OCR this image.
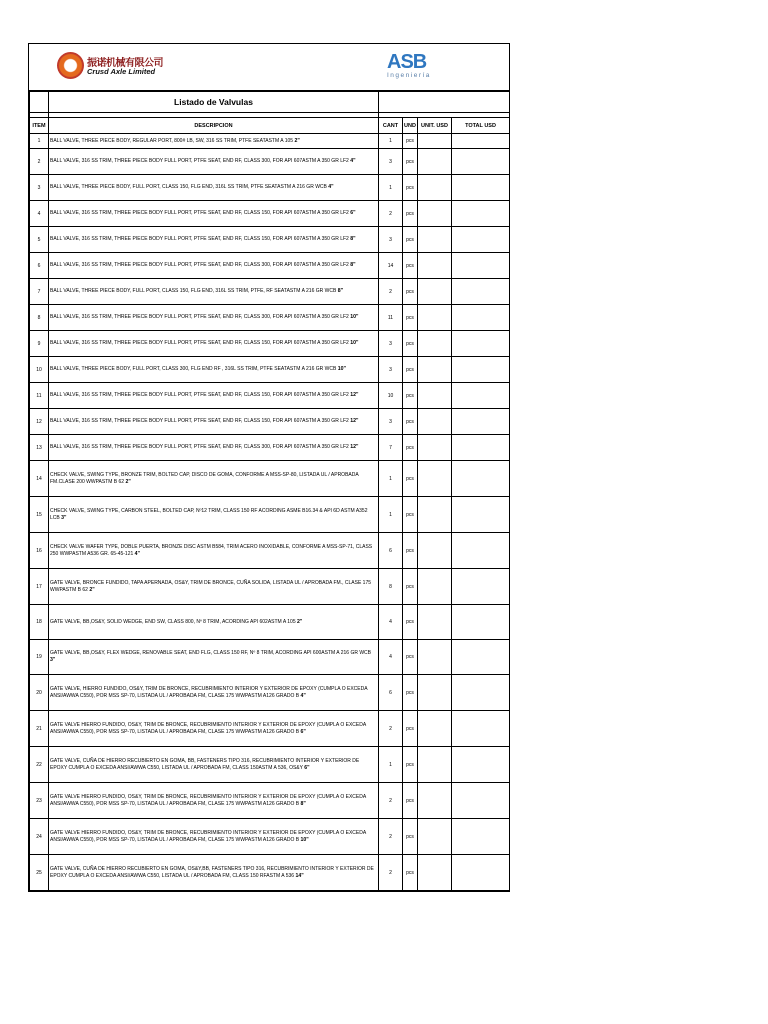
振诺机械有限公司
Crusd Axle Limited	ASB
Ingeniería
	Listado de Valvulas				

ITEM	DESCRIPCION	CANT	UND	UNIT. USD	TOTAL USD
1	BALL VALVE, THREE PIECE BODY, REGULAR PORT, 800# LB, SW, 316 SS TRIM, PTFE SEATASTM A 105 2"	1	pcs		
2	BALL VALVE, 316 SS TRIM, THREE PIECE BODY FULL PORT, PTFE SEAT, END RF, CLASS 300, FOR API 607ASTM A 350 GR LF2 4"	3	pcs		
3	BALL VALVE, THREE PIECE BODY, FULL PORT, CLASS 150, FLG END, 316L SS TRIM, PTFE SEATASTM A 216 GR WCB 4"	1	pcs		
4	BALL VALVE, 316 SS TRIM, THREE PIECE BODY FULL PORT, PTFE SEAT, END RF, CLASS 150, FOR API 607ASTM A 350 GR LF2 6"	2	pcs		
5	BALL VALVE, 316 SS TRIM, THREE PIECE BODY FULL PORT, PTFE SEAT, END RF, CLASS 150, FOR API 607ASTM A 350 GR LF2 8"	3	pcs		
6	BALL VALVE, 316 SS TRIM, THREE PIECE BODY FULL PORT, PTFE SEAT, END RF, CLASS 300, FOR API 607ASTM A 350 GR LF2 8"	14	pcs		
7	BALL VALVE, THREE PIECE BODY, FULL PORT, CLASS 150, FLG END, 316L SS TRIM, PTFE, RF SEATASTM A 216 GR WCB 8"	2	pcs		
8	BALL VALVE, 316 SS TRIM, THREE PIECE BODY FULL PORT, PTFE SEAT, END RF, CLASS 300, FOR API 607ASTM A 350 GR LF2 10"	11	pcs		
9	BALL VALVE, 316 SS TRIM, THREE PIECE BODY FULL PORT, PTFE SEAT, END RF, CLASS 150, FOR API 607ASTM A 350 GR LF2 10"	3	pcs		
10	BALL VALVE, THREE PIECE BODY, FULL PORT, CLASS 300, FLG END RF , 316L SS TRIM, PTFE SEATASTM A 216 GR WCB 10"	3	pcs		
11	BALL VALVE, 316 SS TRIM, THREE PIECE BODY FULL PORT, PTFE SEAT, END RF, CLASS 150, FOR API 607ASTM A 350 GR LF2 12"	10	pcs		
12	BALL VALVE, 316 SS TRIM, THREE PIECE BODY FULL PORT, PTFE SEAT, END RF, CLASS 150, FOR API 607ASTM A 350 GR LF2 12"	3	pcs		
13	BALL VALVE, 316 SS TRIM, THREE PIECE BODY FULL PORT, PTFE SEAT, END RF, CLASS 300, FOR API 607ASTM A 350 GR LF2 12"	7	pcs		
14	CHECK VALVE, SWING TYPE, BRONZE TRIM, BOLTED CAP, DISCO DE GOMA, CONFORME A MSS-SP-80, LISTADA UL / APROBADA FM.CLASE 200 WWPASTM B 62 2"	1	pcs		
15	CHECK VALVE, SWING TYPE, CARBON STEEL, BOLTED CAP, Nº12 TRIM, CLASS 150 RF ACORDING ASME B16.34 & API 6D ASTM A352 LCB 3"	1	pcs		
16	CHECK VALVE WAFER TYPE, DOBLE PUERTA, BRONZE DISC ASTM B584, TRIM ACERO INOXIDABLE, CONFORME A MSS-SP-71, CLASS 250 WWPASTM A536 GR. 65-45-121 4"	6	pcs		
17	GATE VALVE, BRONCE FUNDIDO, TAPA APERNADA, OS&Y, TRIM DE BRONCE, CUÑA SOLIDA, LISTADA UL / APROBADA FM., CLASE 175 WWPASTM B 62 2"	8	pcs		
18	GATE VALVE, BB,OS&Y, SOLID WEDGE, END SW, CLASS 800, Nº 8 TRIM, ACORDING API 602ASTM A 105 2"	4	pcs		
19	GATE VALVE, BB,OS&Y, FLEX WEDGE, RENOVABLE SEAT, END FLG, CLASS 150 RF, Nº 8 TRIM, ACORDING API 600ASTM A 216 GR WCB 3"	4	pcs		
20	GATE VALVE, HIERRO FUNDIDO, OS&Y, TRIM DE BRONCE, RECUBRIMIENTO INTERIOR Y EXTERIOR DE EPOXY (CUMPLA O EXCEDA ANSI/AWWA C550), POR MSS SP-70, LISTADA UL / APROBADA FM, CLASE 175 WWPASTM A126 GRADO B 4"	6	pcs		
21	GATE VALVE HIERRO FUNDIDO, OS&Y, TRIM DE BRONCE, RECUBRIMIENTO INTERIOR Y EXTERIOR DE EPOXY (CUMPLA O EXCEDA ANSI/AWWA C550), POR MSS SP-70, LISTADA UL / APROBADA FM, CLASE 175 WWPASTM A126 GRADO B 6"	2	pcs		
22	GATE VALVE, CUÑA DE HIERRO RECUBIERTO EN GOMA, BB, FASTENERS TIPO 316, RECUBRIMIENTO INTERIOR Y EXTERIOR DE EPOXY CUMPLA O EXCEDA ANSI/AWWA C550, LISTADA UL / APROBADA FM, CLASS 150ASTM A 536, OS&Y 6"	1	pcs		
23	GATE VALVE HIERRO FUNDIDO, OS&Y, TRIM DE BRONCE, RECUBRIMIENTO INTERIOR Y EXTERIOR DE EPOXY (CUMPLA O EXCEDA ANSI/AWWA C550), POR MSS SP-70, LISTADA UL / APROBADA FM, CLASE 175 WWPASTM A126 GRADO B 8"	2	pcs		
24	GATE VALVE HIERRO FUNDIDO, OS&Y, TRIM DE BRONCE, RECUBRIMIENTO INTERIOR Y EXTERIOR DE EPOXY (CUMPLA O EXCEDA ANSI/AWWA C550), POR MSS SP-70, LISTADA UL / APROBADA FM, CLASE 175 WWPASTM A126 GRADO B 10"	2	pcs		
25	GATE VALVE, CUÑA DE HIERRO RECUBIERTO EN GOMA, OS&Y,BB, FASTENERS TIPO 316, RECUBRIMIENTO INTERIOR Y EXTERIOR DE EPOXY CUMPLA O EXCEDA ANSI/AWWA C550, LISTADA UL / APROBADA FM, CLASS 150 RFASTM A 536 14"	2	pcs		
